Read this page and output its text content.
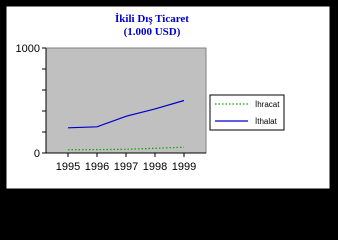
İkili Dış Ticaret
(1.000 USD)
0
1000
1995 1996 1997 1998 1999
İhracat
İthalat
